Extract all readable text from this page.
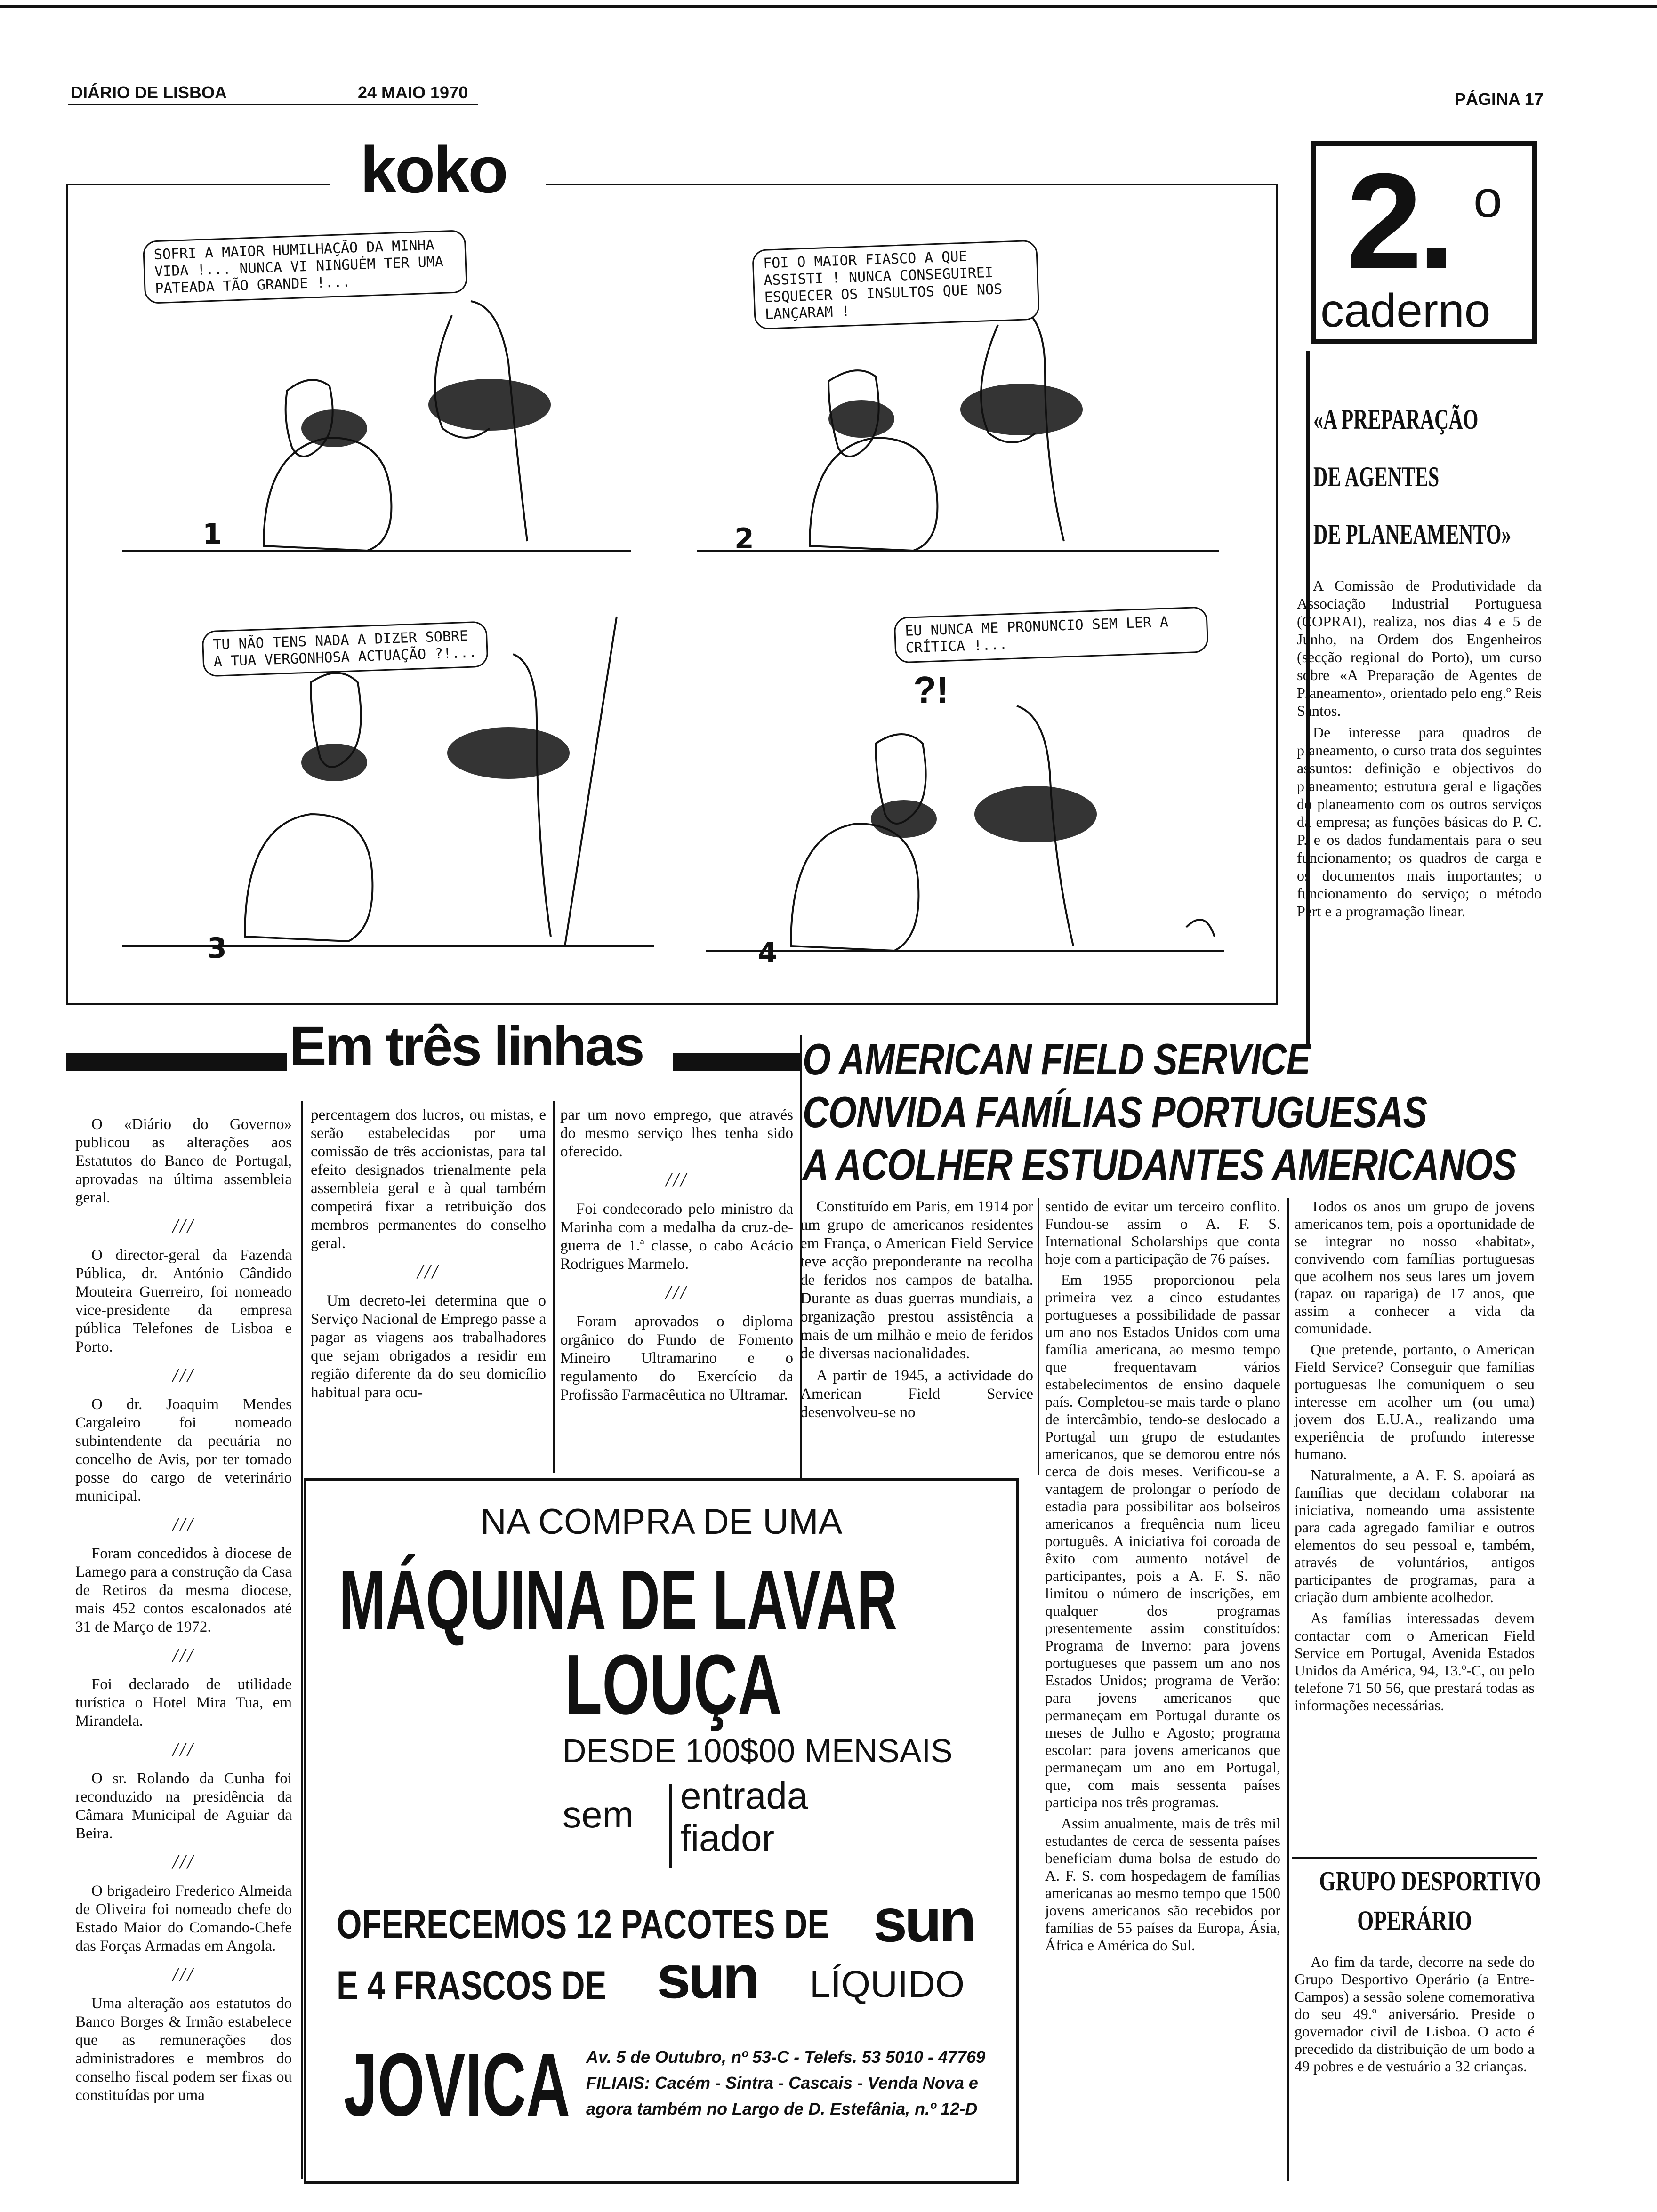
DIÁRIO DE LISBOA	24 MAIO 1970	PÁGINA 17
koko
SOFRI A MAIOR HUMILHAÇÃO DA MINHA VIDA !... NUNCA VI NINGUÉM TER UMA PATEADA TÃO GRANDE !...
FOI O MAIOR FIASCO A QUE ASSISTI ! NUNCA CONSEGUIREI ESQUECER OS INSULTOS QUE NOS LANÇARAM !
TU NÃO TENS NADA A DIZER SOBRE A TUA VERGONHOSA ACTUAÇÃO ?!...
EU NUNCA ME PRONUNCIO SEM LER A CRÍTICA !...
?!
1	2
3	4
2. o
caderno
«A PREPARAÇÃO
DE AGENTES
DE PLANEAMENTO»

A Comissão de Produtividade da Associação Industrial Portuguesa (COPRAI), realiza, nos dias 4 e 5 de Junho, na Ordem dos Engenheiros (secção regional do Porto), um curso sobre «A Preparação de Agentes de Planeamento», orientado pelo eng.º Reis Santos.

De interesse para quadros de planeamento, o curso trata dos seguintes assuntos: definição e objectivos do planeamento; estrutura geral e ligações do planeamento com os outros serviços da empresa; as funções básicas do P. C. P. e os dados fundamentais para o seu funcionamento; os quadros de carga e os documentos mais importantes; o funcionamento do serviço; o método Pert e a programação linear.

Em três linhas

O «Diário do Governo» publicou as alterações aos Estatutos do Banco de Portugal, aprovadas na última assembleia geral.

///

O director-geral da Fazenda Pública, dr. António Cândido Mouteira Guerreiro, foi nomeado vice-presidente da empresa pública Telefones de Lisboa e Porto.

///

O dr. Joaquim Mendes Cargaleiro foi nomeado subintendente da pecuária no concelho de Avis, por ter tomado posse do cargo de veterinário municipal.

///

Foram concedidos à diocese de Lamego para a construção da Casa de Retiros da mesma diocese, mais 452 contos escalonados até 31 de Março de 1972.

///

Foi declarado de utilidade turística o Hotel Mira Tua, em Mirandela.

///

O sr. Rolando da Cunha foi reconduzido na presidência da Câmara Municipal de Aguiar da Beira.

///

O brigadeiro Frederico Almeida de Oliveira foi nomeado chefe do Estado Maior do Comando-Chefe das Forças Armadas em Angola.

///

Uma alteração aos estatutos do Banco Borges & Irmão estabelece que as remunerações dos administradores e membros do conselho fiscal podem ser fixas ou constituídas por uma

percentagem dos lucros, ou mistas, e serão estabelecidas por uma comissão de três accionistas, para tal efeito designados trienalmente pela assembleia geral e à qual também competirá fixar a retribuição dos membros permanentes do conselho geral.

///

Um decreto-lei determina que o Serviço Nacional de Emprego passe a pagar as viagens aos trabalhadores que sejam obrigados a residir em região diferente da do seu domicílio habitual para ocu-

par um novo emprego, que através do mesmo serviço lhes tenha sido oferecido.

///

Foi condecorado pelo ministro da Marinha com a medalha da cruz-de-guerra de 1.ª classe, o cabo Acácio Rodrigues Marmelo.

///

Foram aprovados o diploma orgânico do Fundo de Fomento Mineiro Ultramarino e o regulamento do Exercício da Profissão Farmacêutica no Ultramar.

NA COMPRA DE UMA
MÁQUINA DE LAVAR
LOUÇA
DESDE 100$00 MENSAIS
sem entrada
fiador
OFERECEMOS 12 PACOTES DE sun
E 4 FRASCOS DE sun LÍQUIDO
JOVICA Av. 5 de Outubro, nº 53-C - Telefs. 53 5010 - 47769
FILIAIS: Cacém - Sintra - Cascais - Venda Nova e
agora também no Largo de D. Estefânia, n.º 12-D
O AMERICAN FIELD SERVICE
CONVIDA FAMÍLIAS PORTUGUESAS
A ACOLHER ESTUDANTES AMERICANOS

Constituído em Paris, em 1914 por um grupo de americanos residentes em França, o American Field Service teve acção preponderante na recolha de feridos nos campos de batalha. Durante as duas guerras mundiais, a organização prestou assistência a mais de um milhão e meio de feridos de diversas nacionalidades.

A partir de 1945, a actividade do American Field Service desenvolveu-se no

sentido de evitar um terceiro conflito. Fundou-se assim o A. F. S. International Scholarships que conta hoje com a participação de 76 países.

Em 1955 proporcionou pela primeira vez a cinco estudantes portugueses a possibilidade de passar um ano nos Estados Unidos com uma família americana, ao mesmo tempo que frequentavam vários estabelecimentos de ensino daquele país. Completou-se mais tarde o plano de intercâmbio, tendo-se deslocado a Portugal um grupo de estudantes americanos, que se demorou entre nós cerca de dois meses. Verificou-se a vantagem de prolongar o período de estadia para possibilitar aos bolseiros americanos a frequência num liceu português. A iniciativa foi coroada de êxito com aumento notável de participantes, pois a A. F. S. não limitou o número de inscrições, em qualquer dos programas presentemente assim constituídos: Programa de Inverno: para jovens portugueses que passem um ano nos Estados Unidos; programa de Verão: para jovens americanos que permaneçam em Portugal durante os meses de Julho e Agosto; programa escolar: para jovens americanos que permaneçam um ano em Portugal, que, com mais sessenta países participa nos três programas.

Assim anualmente, mais de três mil estudantes de cerca de sessenta países beneficiam duma bolsa de estudo do A. F. S. com hospedagem de famílias americanas ao mesmo tempo que 1500 jovens americanos são recebidos por famílias de 55 países da Europa, Ásia, África e América do Sul.

Todos os anos um grupo de jovens americanos tem, pois a oportunidade de se integrar no nosso «habitat», convivendo com famílias portuguesas que acolhem nos seus lares um jovem (rapaz ou rapariga) de 17 anos, que assim a conhecer a vida da comunidade.

Que pretende, portanto, o American Field Service? Conseguir que famílias portuguesas lhe comuniquem o seu interesse em acolher um (ou uma) jovem dos E.U.A., realizando uma experiência de profundo interesse humano.

Naturalmente, a A. F. S. apoiará as famílias que decidam colaborar na iniciativa, nomeando uma assistente para cada agregado familiar e outros elementos do seu pessoal e, também, através de voluntários, antigos participantes de programas, para a criação dum ambiente acolhedor.

As famílias interessadas devem contactar com o American Field Service em Portugal, Avenida Estados Unidos da América, 94, 13.º-C, ou pelo telefone 71 50 56, que prestará todas as informações necessárias.

GRUPO DESPORTIVO
OPERÁRIO

Ao fim da tarde, decorre na sede do Grupo Desportivo Operário (a Entre-Campos) a sessão solene comemorativa do seu 49.º aniversário. Preside o governador civil de Lisboa. O acto é precedido da distribuição de um bodo a 49 pobres e de vestuário a 32 crianças.
